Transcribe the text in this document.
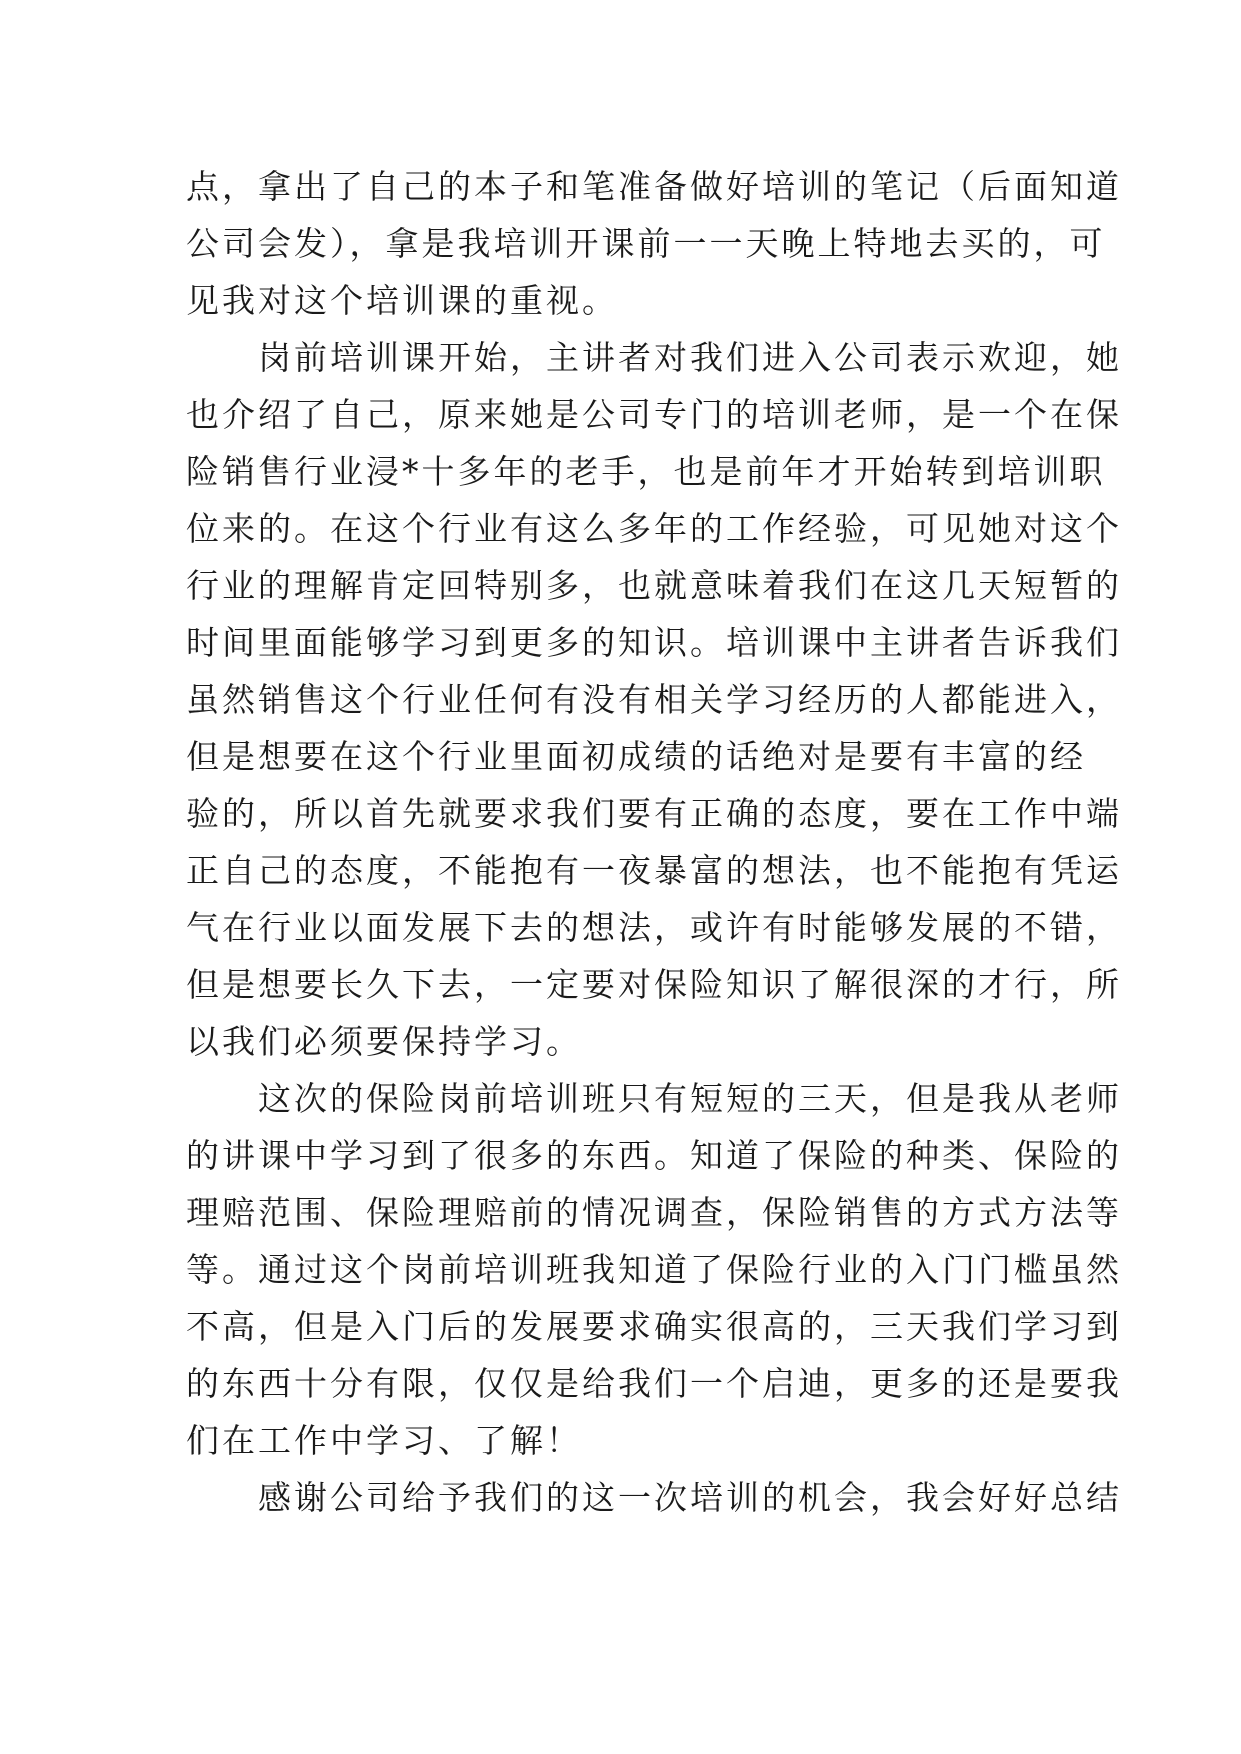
点，拿出了自己的本子和笔准备做好培训的笔记（后面知道
公司会发），拿是我培训开课前一一天晚上特地去买的，可
见我对这个培训课的重视。

　　岗前培训课开始，主讲者对我们进入公司表示欢迎，她
也介绍了自己，原来她是公司专门的培训老师，是一个在保
险销售行业浸*十多年的老手，也是前年才开始转到培训职
位来的。在这个行业有这么多年的工作经验，可见她对这个
行业的理解肯定回特别多，也就意味着我们在这几天短暂的
时间里面能够学习到更多的知识。培训课中主讲者告诉我们
虽然销售这个行业任何有没有相关学习经历的人都能进入，
但是想要在这个行业里面初成绩的话绝对是要有丰富的经
验的，所以首先就要求我们要有正确的态度，要在工作中端
正自己的态度，不能抱有一夜暴富的想法，也不能抱有凭运
气在行业以面发展下去的想法，或许有时能够发展的不错，
但是想要长久下去，一定要对保险知识了解很深的才行，所
以我们必须要保持学习。

　　这次的保险岗前培训班只有短短的三天，但是我从老师
的讲课中学习到了很多的东西。知道了保险的种类、保险的
理赔范围、保险理赔前的情况调查，保险销售的方式方法等
等。通过这个岗前培训班我知道了保险行业的入门门槛虽然
不高，但是入门后的发展要求确实很高的，三天我们学习到
的东西十分有限，仅仅是给我们一个启迪，更多的还是要我
们在工作中学习、了解！

　　感谢公司给予我们的这一次培训的机会，我会好好总结
